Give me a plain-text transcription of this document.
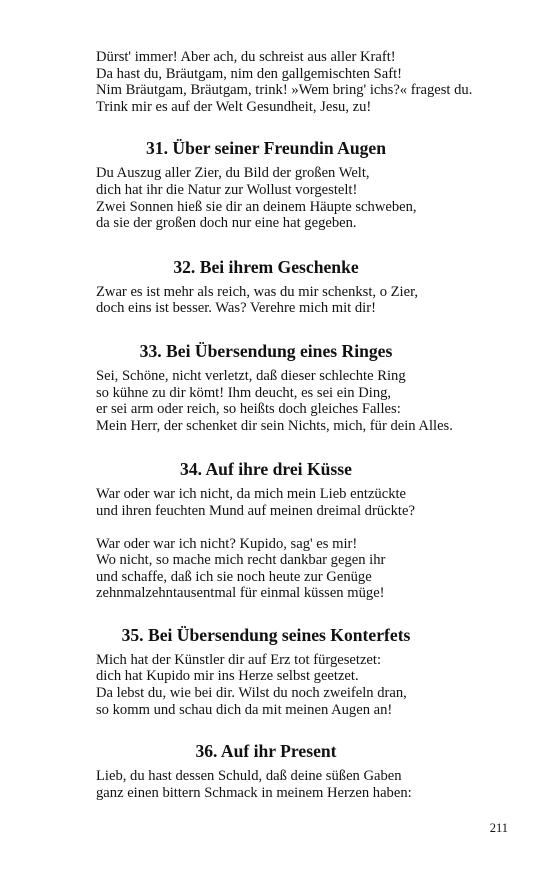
Dürst' immer! Aber ach, du schreist aus aller Kraft!
Da hast du, Bräutgam, nim den gallgemischten Saft!
Nim Bräutgam, Bräutgam, trink! »Wem bring' ichs?« fragest du.
Trink mir es auf der Welt Gesundheit, Jesu, zu!
31. Über seiner Freundin Augen
Du Auszug aller Zier, du Bild der großen Welt,
dich hat ihr die Natur zur Wollust vorgestelt!
Zwei Sonnen hieß sie dir an deinem Häupte schweben,
da sie der großen doch nur eine hat gegeben.
32. Bei ihrem Geschenke
Zwar es ist mehr als reich, was du mir schenkst, o Zier,
doch eins ist besser. Was? Verehre mich mit dir!
33. Bei Übersendung eines Ringes
Sei, Schöne, nicht verletzt, daß dieser schlechte Ring
so kühne zu dir kömt! Ihm deucht, es sei ein Ding,
er sei arm oder reich, so heißts doch gleiches Falles:
Mein Herr, der schenket dir sein Nichts, mich, für dein Alles.
34. Auf ihre drei Küsse
War oder war ich nicht, da mich mein Lieb entzückte
und ihren feuchten Mund auf meinen dreimal drückte?
War oder war ich nicht? Kupido, sag' es mir!
Wo nicht, so mache mich recht dankbar gegen ihr
und schaffe, daß ich sie noch heute zur Genüge
zehnmalzehntausentmal für einmal küssen müge!
35. Bei Übersendung seines Konterfets
Mich hat der Künstler dir auf Erz tot fürgesetzet:
dich hat Kupido mir ins Herze selbst geetzet.
Da lebst du, wie bei dir. Wilst du noch zweifeln dran,
so komm und schau dich da mit meinen Augen an!
36. Auf ihr Present
Lieb, du hast dessen Schuld, daß deine süßen Gaben
ganz einen bittern Schmack in meinem Herzen haben:
211
